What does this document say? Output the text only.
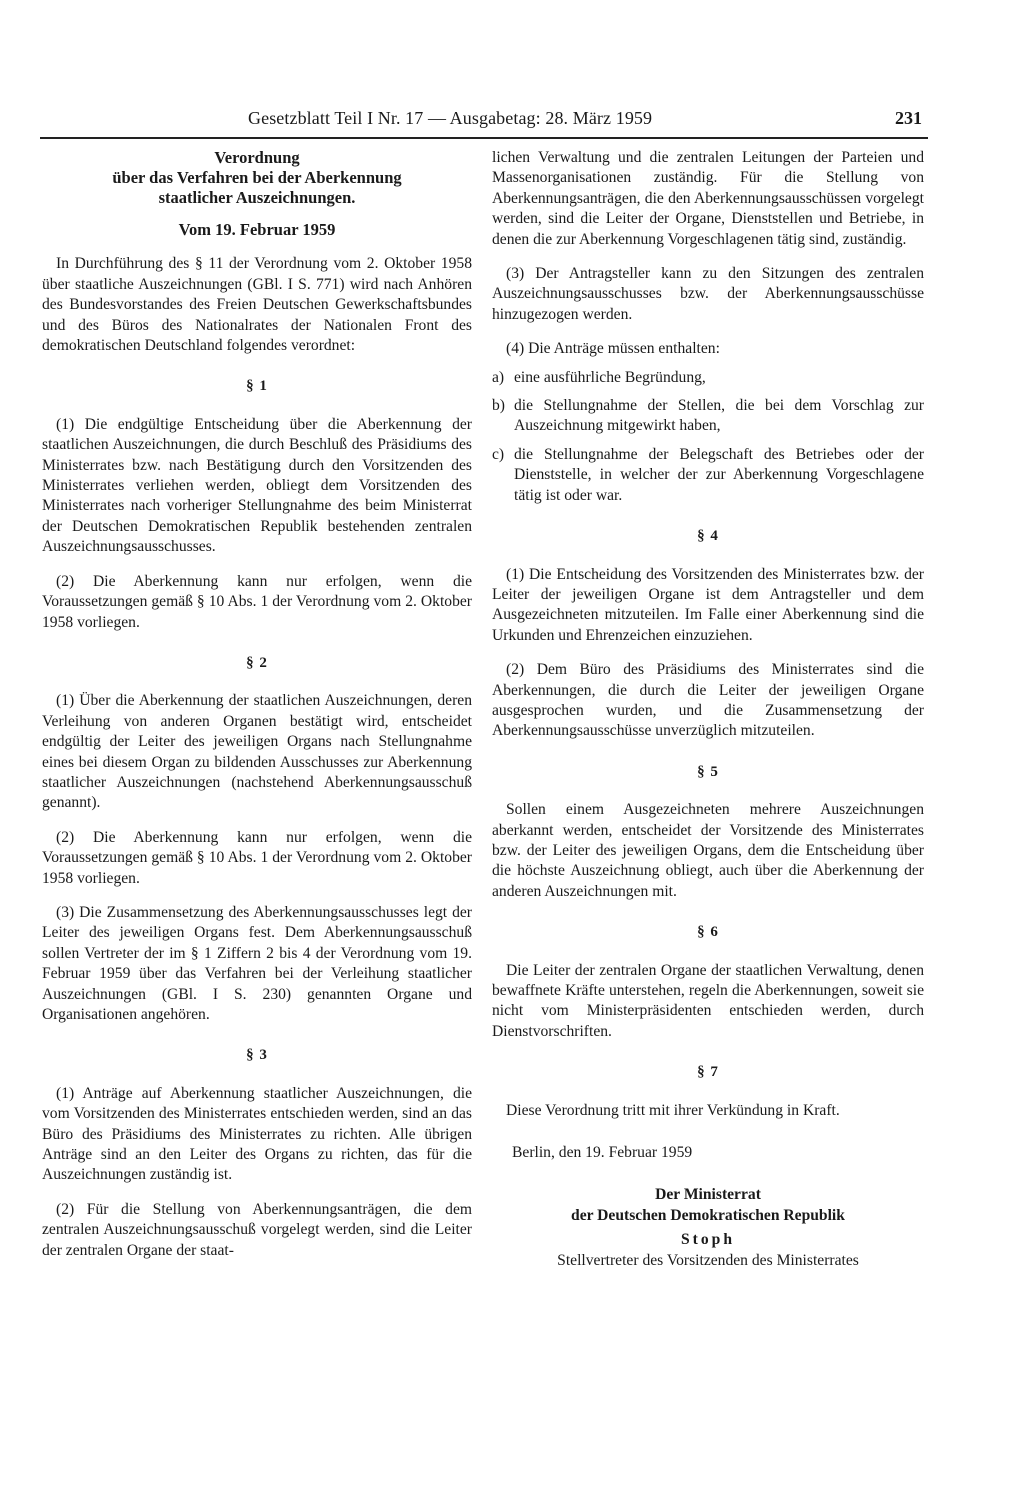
Gesetzblatt Teil I Nr. 17 — Ausgabetag: 28. März 1959	231
Verordnung
über das Verfahren bei der Aberkennung
staatlicher Auszeichnungen.
Vom 19. Februar 1959

In Durchführung des § 11 der Verordnung vom 2. Oktober 1958 über staatliche Auszeichnungen (GBl. I S. 771) wird nach Anhören des Bundesvorstandes des Freien Deutschen Gewerkschaftsbundes und des Büros des Nationalrates der Nationalen Front des demokratischen Deutschland folgendes verordnet:

§ 1

(1) Die endgültige Entscheidung über die Aberkennung der staatlichen Auszeichnungen, die durch Beschluß des Präsidiums des Ministerrates bzw. nach Bestätigung durch den Vorsitzenden des Ministerrates verliehen werden, obliegt dem Vorsitzenden des Ministerrates nach vorheriger Stellungnahme des beim Ministerrat der Deutschen Demokratischen Republik bestehenden zentralen Auszeichnungsausschusses.

(2) Die Aberkennung kann nur erfolgen, wenn die Voraussetzungen gemäß § 10 Abs. 1 der Verordnung vom 2. Oktober 1958 vorliegen.

§ 2

(1) Über die Aberkennung der staatlichen Auszeichnungen, deren Verleihung von anderen Organen bestätigt wird, entscheidet endgültig der Leiter des jeweiligen Organs nach Stellungnahme eines bei diesem Organ zu bildenden Ausschusses zur Aberkennung staatlicher Auszeichnungen (nachstehend Aberkennungsausschuß genannt).

(2) Die Aberkennung kann nur erfolgen, wenn die Voraussetzungen gemäß § 10 Abs. 1 der Verordnung vom 2. Oktober 1958 vorliegen.

(3) Die Zusammensetzung des Aberkennungsausschusses legt der Leiter des jeweiligen Organs fest. Dem Aberkennungsausschuß sollen Vertreter der im § 1 Ziffern 2 bis 4 der Verordnung vom 19. Februar 1959 über das Verfahren bei der Verleihung staatlicher Auszeichnungen (GBl. I S. 230) genannten Organe und Organisationen angehören.

§ 3

(1) Anträge auf Aberkennung staatlicher Auszeichnungen, die vom Vorsitzenden des Ministerrates entschieden werden, sind an das Büro des Präsidiums des Ministerrates zu richten. Alle übrigen Anträge sind an den Leiter des Organs zu richten, das für die Auszeichnungen zuständig ist.

(2) Für die Stellung von Aberkennungsanträgen, die dem zentralen Auszeichnungsausschuß vorgelegt werden, sind die Leiter der zentralen Organe der staat-

lichen Verwaltung und die zentralen Leitungen der Parteien und Massenorganisationen zuständig. Für die Stellung von Aberkennungsanträgen, die den Aberkennungsausschüssen vorgelegt werden, sind die Leiter der Organe, Dienststellen und Betriebe, in denen die zur Aberkennung Vorgeschlagenen tätig sind, zuständig.

(3) Der Antragsteller kann zu den Sitzungen des zentralen Auszeichnungsausschusses bzw. der Aberkennungsausschüsse hinzugezogen werden.

(4) Die Anträge müssen enthalten:

a) eine ausführliche Begründung,
b) die Stellungnahme der Stellen, die bei dem Vorschlag zur Auszeichnung mitgewirkt haben,
c) die Stellungnahme der Belegschaft des Betriebes oder der Dienststelle, in welcher der zur Aberkennung Vorgeschlagene tätig ist oder war.
§ 4

(1) Die Entscheidung des Vorsitzenden des Ministerrates bzw. der Leiter der jeweiligen Organe ist dem Antragsteller und dem Ausgezeichneten mitzuteilen. Im Falle einer Aberkennung sind die Urkunden und Ehrenzeichen einzuziehen.

(2) Dem Büro des Präsidiums des Ministerrates sind die Aberkennungen, die durch die Leiter der jeweiligen Organe ausgesprochen wurden, und die Zusammensetzung der Aberkennungsausschüsse unverzüglich mitzuteilen.

§ 5

Sollen einem Ausgezeichneten mehrere Auszeichnungen aberkannt werden, entscheidet der Vorsitzende des Ministerrates bzw. der Leiter des jeweiligen Organs, dem die Entscheidung über die höchste Auszeichnung obliegt, auch über die Aberkennung der anderen Auszeichnungen mit.

§ 6

Die Leiter der zentralen Organe der staatlichen Verwaltung, denen bewaffnete Kräfte unterstehen, regeln die Aberkennungen, soweit sie nicht vom Ministerpräsidenten entschieden werden, durch Dienstvorschriften.

§ 7

Diese Verordnung tritt mit ihrer Verkündung in Kraft.

Berlin, den 19. Februar 1959
Der Ministerrat
der Deutschen Demokratischen Republik
Stoph
Stellvertreter des Vorsitzenden des Ministerrates
